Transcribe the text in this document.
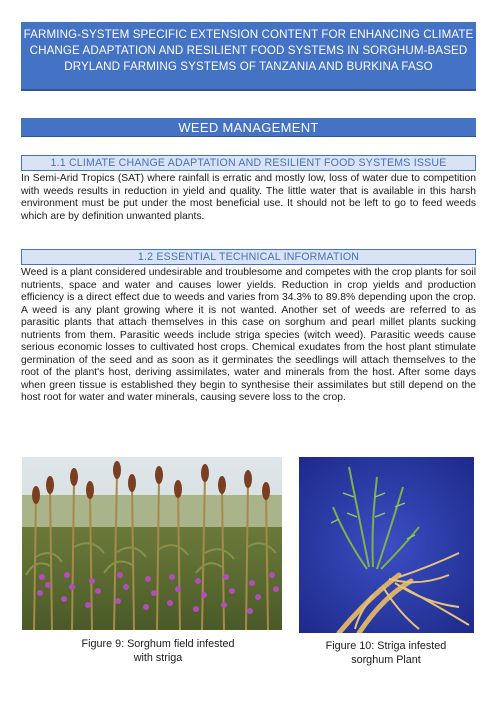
FARMING-SYSTEM SPECIFIC EXTENSION CONTENT FOR ENHANCING CLIMATE
CHANGE ADAPTATION AND RESILIENT FOOD SYSTEMS IN SORGHUM-BASED
DRYLAND FARMING SYSTEMS OF TANZANIA AND BURKINA FASO
WEED MANAGEMENT
1.1 CLIMATE CHANGE ADAPTATION AND RESILIENT FOOD SYSTEMS ISSUE

In Semi-Arid Tropics (SAT) where rainfall is erratic and mostly low, loss of water due to competition with weeds results in reduction in yield and quality. The little water that is available in this harsh environment must be put under the most beneficial use. It should not be left to go to feed weeds which are by definition unwanted plants.

1.2 ESSENTIAL TECHNICAL INFORMATION

Weed is a plant considered undesirable and troublesome and competes with the crop plants for soil nutrients, space and water and causes lower yields. Reduction in crop yields and production efficiency is a direct effect due to weeds and varies from 34.3% to 89.8% depending upon the crop. A weed is any plant growing where it is not wanted. Another set of weeds are referred to as parasitic plants that attach themselves in this case on sorghum and pearl millet plants sucking nutrients from them. Parasitic weeds include striga species (witch weed). Parasitic weeds cause serious economic losses to cultivated host crops. Chemical exudates from the host plant stimulate germination of the seed and as soon as it germinates the seedlings will attach themselves to the root of the plant's host, deriving assimilates, water and minerals from the host. After some days when green tissue is established they begin to synthesise their assimilates but still depend on the host root for water and water minerals, causing severe loss to the crop.

Figure 9: Sorghum field infested
with striga
Figure 10: Striga infested
sorghum Plant
